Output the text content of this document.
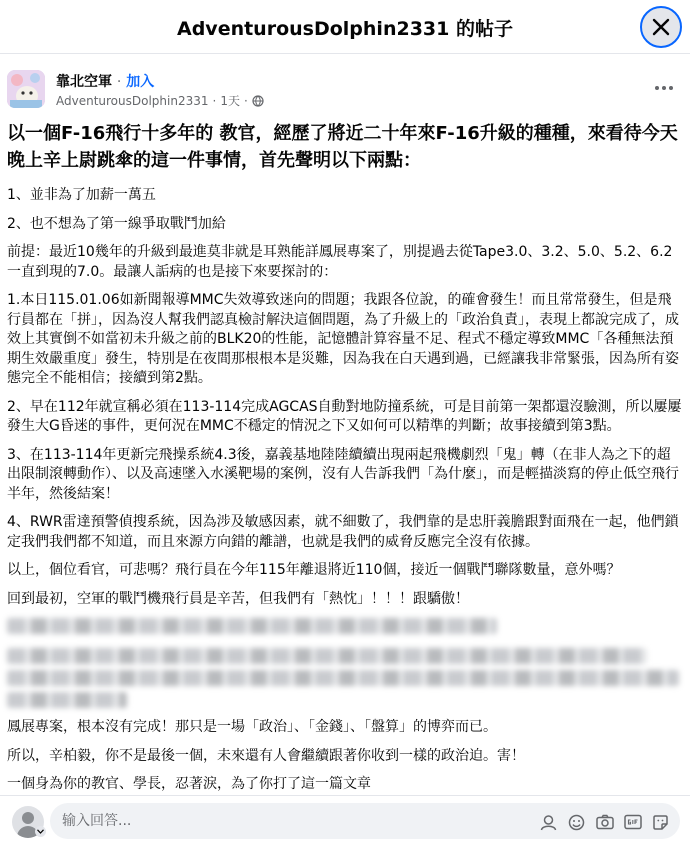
AdventurousDolphin2331 的帖子
靠北空軍 · 加入
AdventurousDolphin2331 · 1天 ·
以一個F-16飛行十多年的 教官，經歷了將近二十年來F-16升級的種種，來看待今天晚上辛上尉跳傘的這一件事情，首先聲明以下兩點：

1、並非為了加薪一萬五

2、也不想為了第一線爭取戰鬥加給

前提：最近10幾年的升級到最進莫非就是耳熟能詳鳳展專案了，別提過去從Tape3.0、3.2、5.0、5.2、6.2一直到現的7.0。最讓人詬病的也是接下來要探討的：

1.本日115.01.06如新聞報導MMC失效導致迷向的問題；我跟各位說，的確會發生！而且常常發生，但是飛行員都在「拼」，因為沒人幫我們認真檢討解決這個問題，為了升級上的「政治負責」，表現上都說完成了，成效上其實倒不如當初未升級之前的BLK20的性能，記憶體計算容量不足、程式不穩定導致MMC「各種無法預期生效嚴重度」發生，特別是在夜間那根根本是災難，因為我在白天遇到過，已經讓我非常緊張，因為所有姿態完全不能相信；接續到第2點。

2、早在112年就宣稱必須在113-114完成AGCAS自動對地防撞系統，可是目前第一架都還沒驗測，所以屢屢發生大G昏迷的事件，更何況在MMC不穩定的情況之下又如何可以精準的判斷；故事接續到第3點。

3、在113-114年更新完飛操系統4.3後，嘉義基地陸陸續續出現兩起飛機劇烈「鬼」轉（在非人為之下的超出限制滾轉動作）、以及高速墜入水溪靶場的案例，沒有人告訴我們「為什麼」，而是輕描淡寫的停止低空飛行半年，然後結案！

4、RWR雷達預警偵搜系統，因為涉及敏感因素，就不細數了，我們靠的是忠肝義膽跟對面飛在一起，他們鎖定我們我們都不知道，而且來源方向錯的離譜，也就是我們的威脅反應完全沒有依據。

以上，個位看官，可悲嗎？飛行員在今年115年離退將近110個，接近一個戰鬥聯隊數量，意外嗎？

回到最初，空軍的戰鬥機飛行員是辛苦，但我們有「熱忱」！！！跟驕傲！

鳳展專案，根本沒有完成！那只是一場「政治」、「金錢」、「盤算」的博弈而已。

所以，辛柏毅，你不是最後一個，未來還有人會繼續跟著你收到一樣的政治迫。害！

一個身為你的教官、學長，忍著淚，為了你打了這一篇文章

输入回答...
